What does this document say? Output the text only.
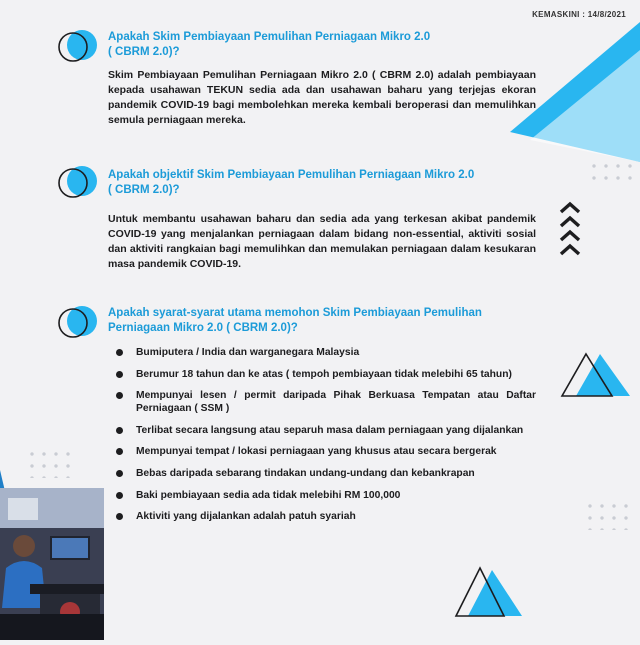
KEMASKINI : 14/8/2021
Apakah Skim Pembiayaan Pemulihan Perniagaan Mikro 2.0
( CBRM 2.0)?
Skim Pembiayaan Pemulihan Perniagaan Mikro 2.0 ( CBRM 2.0) adalah pembiayaan kepada usahawan TEKUN sedia ada dan usahawan baharu yang terjejas ekoran pandemik COVID-19 bagi membolehkan mereka kembali beroperasi dan memulihkan semula perniagaan mereka.
Apakah objektif Skim Pembiayaan Pemulihan Perniagaan Mikro 2.0
( CBRM 2.0)?
Untuk membantu usahawan baharu dan sedia ada yang terkesan akibat pandemik COVID-19 yang menjalankan perniagaan dalam bidang non-essential, aktiviti sosial dan aktiviti rangkaian bagi memulihkan dan memulakan perniagaan dalam kesukaran masa pandemik COVID-19.
Apakah syarat-syarat utama memohon Skim Pembiayaan Pemulihan
Perniagaan Mikro 2.0 ( CBRM 2.0)?
Bumiputera / India dan warganegara Malaysia
Berumur 18 tahun dan ke atas ( tempoh pembiayaan tidak melebihi 65 tahun)
Mempunyai lesen / permit daripada Pihak Berkuasa Tempatan atau Daftar Perniagaan ( SSM )
Terlibat secara langsung atau separuh masa dalam perniagaan yang dijalankan
Mempunyai tempat / lokasi perniagaan yang khusus atau secara bergerak
Bebas daripada sebarang tindakan undang-undang dan kebankrapan
Baki pembiayaan sedia ada tidak melebihi RM 100,000
Aktiviti yang dijalankan adalah patuh syariah
